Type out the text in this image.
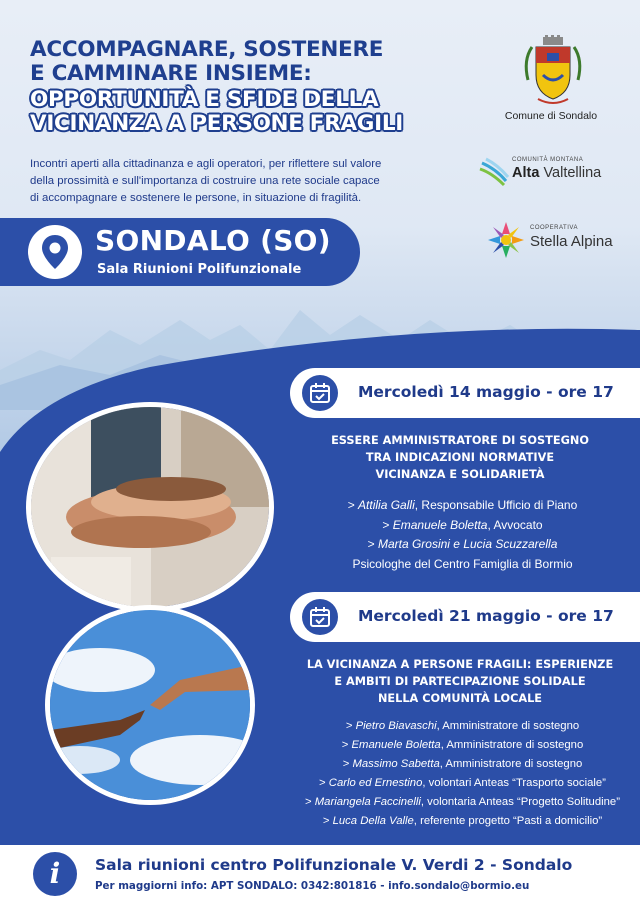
ACCOMPAGNARE, SOSTENERE
E CAMMINARE INSIEME:
OPPORTUNITÀ E SFIDE DELLA
VICINANZA A PERSONE FRAGILI
Incontri aperti alla cittadinanza e agli operatori, per riflettere sul valore
della prossimità e sull'importanza di costruire una rete sociale capace
di accompagnare e sostenere le persone, in situazione di fragilità.
Comune di Sondalo
COMUNITÀ MONTANA
Alta Valtellina
COOPERATIVA
Stella Alpina
SONDALO (SO)
Sala Riunioni Polifunzionale
Mercoledì 14 maggio - ore 17
ESSERE AMMINISTRATORE DI SOSTEGNO
TRA INDICAZIONI NORMATIVE
VICINANZA E SOLIDARIETÀ
> Attilia Galli, Responsabile Ufficio di Piano
> Emanuele Boletta, Avvocato
> Marta Grosini e Lucia Scuzzarella
Psicologhe del Centro Famiglia di Bormio
Mercoledì 21 maggio - ore 17
LA VICINANZA A PERSONE FRAGILI: ESPERIENZE
E AMBITI DI PARTECIPAZIONE SOLIDALE
NELLA COMUNITÀ LOCALE
> Pietro Biavaschi, Amministratore di sostegno
> Emanuele Boletta, Amministratore di sostegno
> Massimo Sabetta, Amministratore di sostegno
> Carlo ed Ernestino, volontari Anteas “Trasporto sociale”
> Mariangela Faccinelli, volontaria Anteas “Progetto Solitudine”
> Luca Della Valle, referente progetto “Pasti a domicilio”
i	Sala riunioni centro Polifunzionale V. Verdi 2 - Sondalo
Per maggiorni info: APT SONDALO: 0342:801816 - info.sondalo@bormio.eu
